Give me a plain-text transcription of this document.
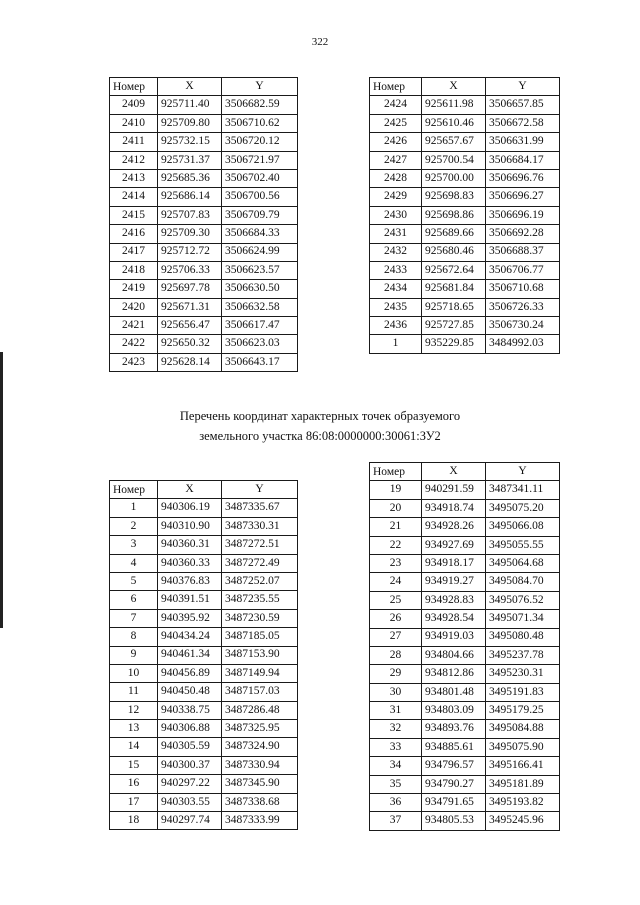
322
Номер	X	Y
2409	925711.40	3506682.59
2410	925709.80	3506710.62
2411	925732.15	3506720.12
2412	925731.37	3506721.97
2413	925685.36	3506702.40
2414	925686.14	3506700.56
2415	925707.83	3506709.79
2416	925709.30	3506684.33
2417	925712.72	3506624.99
2418	925706.33	3506623.57
2419	925697.78	3506630.50
2420	925671.31	3506632.58
2421	925656.47	3506617.47
2422	925650.32	3506623.03
2423	925628.14	3506643.17
Номер	X	Y
2424	925611.98	3506657.85
2425	925610.46	3506672.58
2426	925657.67	3506631.99
2427	925700.54	3506684.17
2428	925700.00	3506696.76
2429	925698.83	3506696.27
2430	925698.86	3506696.19
2431	925689.66	3506692.28
2432	925680.46	3506688.37
2433	925672.64	3506706.77
2434	925681.84	3506710.68
2435	925718.65	3506726.33
2436	925727.85	3506730.24
1	935229.85	3484992.03
Перечень координат характерных точек образуемого
земельного участка 86:08:0000000:30061:ЗУ2
Номер	X	Y
1	940306.19	3487335.67
2	940310.90	3487330.31
3	940360.31	3487272.51
4	940360.33	3487272.49
5	940376.83	3487252.07
6	940391.51	3487235.55
7	940395.92	3487230.59
8	940434.24	3487185.05
9	940461.34	3487153.90
10	940456.89	3487149.94
11	940450.48	3487157.03
12	940338.75	3487286.48
13	940306.88	3487325.95
14	940305.59	3487324.90
15	940300.37	3487330.94
16	940297.22	3487345.90
17	940303.55	3487338.68
18	940297.74	3487333.99
Номер	X	Y
19	940291.59	3487341.11
20	934918.74	3495075.20
21	934928.26	3495066.08
22	934927.69	3495055.55
23	934918.17	3495064.68
24	934919.27	3495084.70
25	934928.83	3495076.52
26	934928.54	3495071.34
27	934919.03	3495080.48
28	934804.66	3495237.78
29	934812.86	3495230.31
30	934801.48	3495191.83
31	934803.09	3495179.25
32	934893.76	3495084.88
33	934885.61	3495075.90
34	934796.57	3495166.41
35	934790.27	3495181.89
36	934791.65	3495193.82
37	934805.53	3495245.96
